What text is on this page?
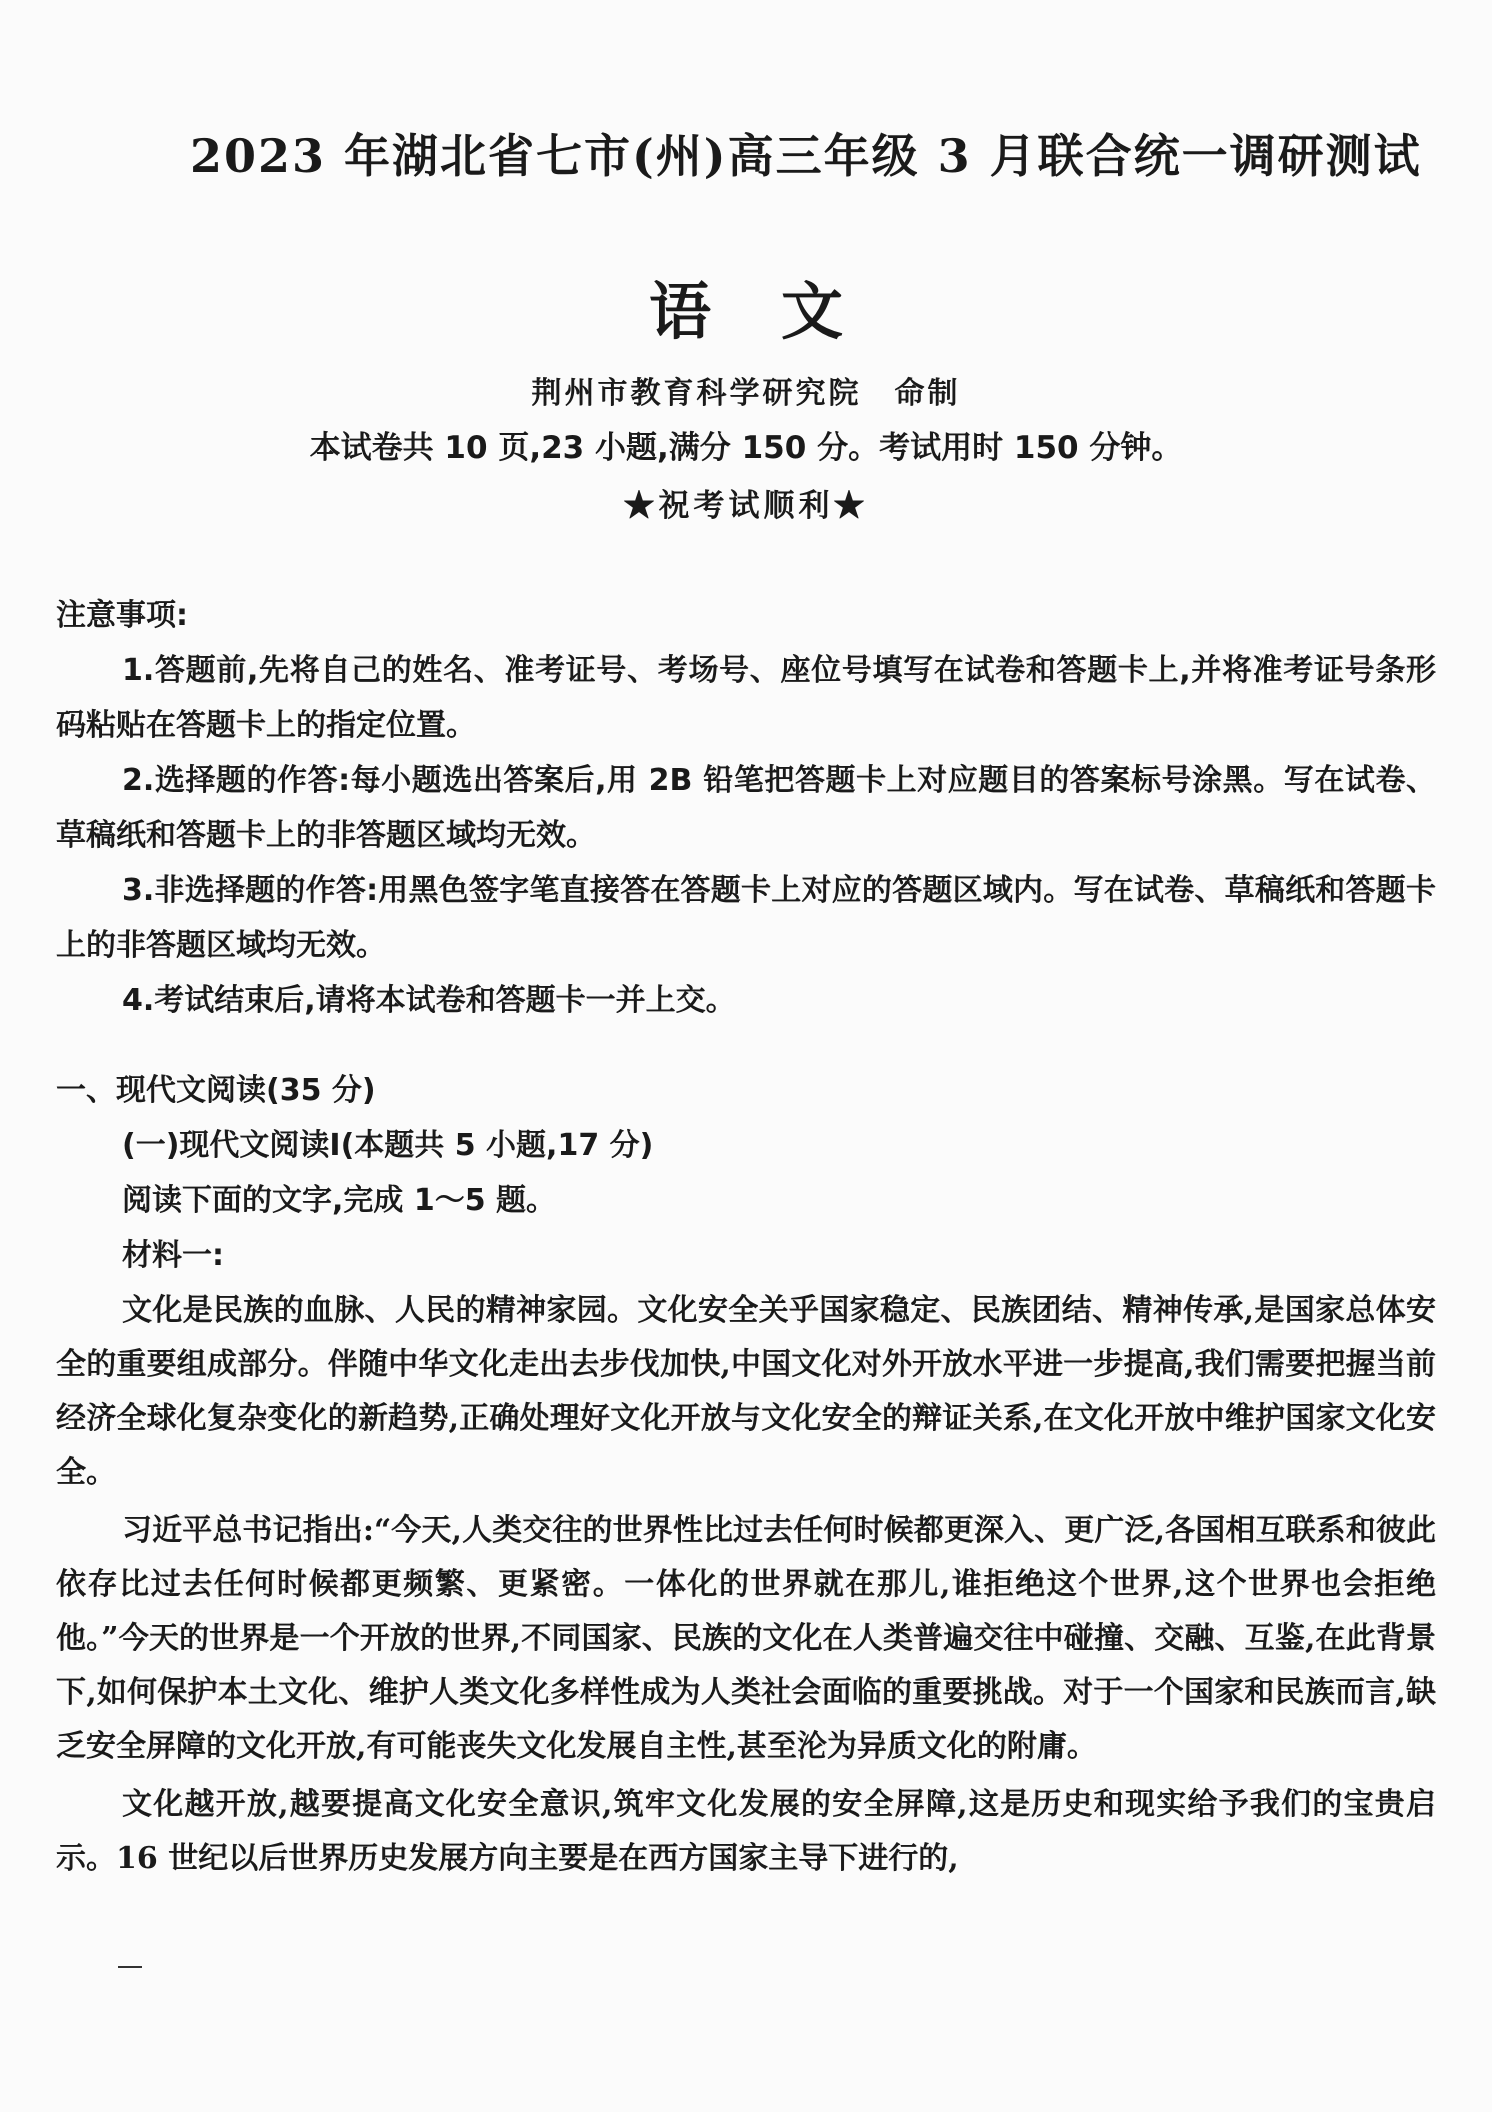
2023 年湖北省七市(州)高三年级 3 月联合统一调研测试
语文
荆州市教育科学研究院　命制
本试卷共 10 页,23 小题,满分 150 分。考试用时 150 分钟。
★祝考试顺利★
注意事项:
1.答题前,先将自己的姓名、准考证号、考场号、座位号填写在试卷和答题卡上,并将准考证号条形码粘贴在答题卡上的指定位置。
2.选择题的作答:每小题选出答案后,用 2B 铅笔把答题卡上对应题目的答案标号涂黑。写在试卷、草稿纸和答题卡上的非答题区域均无效。
3.非选择题的作答:用黑色签字笔直接答在答题卡上对应的答题区域内。写在试卷、草稿纸和答题卡上的非答题区域均无效。
4.考试结束后,请将本试卷和答题卡一并上交。
一、现代文阅读(35 分)
(一)现代文阅读Ⅰ(本题共 5 小题,17 分)
阅读下面的文字,完成 1～5 题。
材料一:

文化是民族的血脉、人民的精神家园。文化安全关乎国家稳定、民族团结、精神传承,是国家总体安全的重要组成部分。伴随中华文化走出去步伐加快,中国文化对外开放水平进一步提高,我们需要把握当前经济全球化复杂变化的新趋势,正确处理好文化开放与文化安全的辩证关系,在文化开放中维护国家文化安全。

习近平总书记指出:“今天,人类交往的世界性比过去任何时候都更深入、更广泛,各国相互联系和彼此依存比过去任何时候都更频繁、更紧密。一体化的世界就在那儿,谁拒绝这个世界,这个世界也会拒绝他。”今天的世界是一个开放的世界,不同国家、民族的文化在人类普遍交往中碰撞、交融、互鉴,在此背景下,如何保护本土文化、维护人类文化多样性成为人类社会面临的重要挑战。对于一个国家和民族而言,缺乏安全屏障的文化开放,有可能丧失文化发展自主性,甚至沦为异质文化的附庸。

文化越开放,越要提高文化安全意识,筑牢文化发展的安全屏障,这是历史和现实给予我们的宝贵启示。16 世纪以后世界历史发展方向主要是在西方国家主导下进行的,
